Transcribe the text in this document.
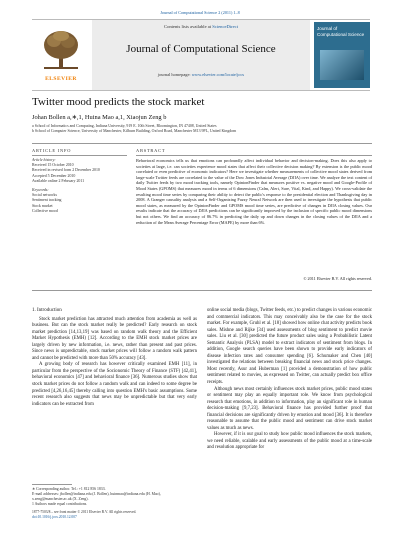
Journal of Computational Science 2 (2011) 1–8
ELSEVIER
Contents lists available at ScienceDirect
Journal of Computational Science
journal homepage: www.elsevier.com/locate/jocs
Journal of Computational Science
Twitter mood predicts the stock market
Johan Bollen a,∗,1, Huina Mao a,1, Xiaojun Zeng b
a School of Informatics and Computing, Indiana University, 919 E. 10th Street, Bloomington, IN 47408, United States
b School of Computer Science, University of Manchester, Kilburn Building, Oxford Road, Manchester M13 9PL, United Kingdom
ARTICLE INFO	ABSTRACT
Article history:
Received 15 October 2010
Received in revised form 2 December 2010
Accepted 5 December 2010
Available online 2 February 2011
Keywords:
Social networks
Sentiment tracking
Stock market
Collective mood
Behavioral economics tells us that emotions can profoundly affect individual behavior and decision-making. Does this also apply to societies at large, i.e. can societies experience mood states that affect their collective decision making? By extension is the public mood correlated or even predictive of economic indicators? Here we investigate whether measurements of collective mood states derived from large-scale Twitter feeds are correlated to the value of the Dow Jones Industrial Average (DJIA) over time. We analyze the text content of daily Twitter feeds by two mood tracking tools, namely OpinionFinder that measures positive vs. negative mood and Google-Profile of Mood States (GPOMS) that measures mood in terms of 6 dimensions (Calm, Alert, Sure, Vital, Kind, and Happy). We cross-validate the resulting mood time series by comparing their ability to detect the public's response to the presidential election and Thanksgiving day in 2008. A Granger causality analysis and a Self-Organizing Fuzzy Neural Network are then used to investigate the hypothesis that public mood states, as measured by the OpinionFinder and GPOMS mood time series, are predictive of changes in DJIA closing values. Our results indicate that the accuracy of DJIA predictions can be significantly improved by the inclusion of specific public mood dimensions but not others. We find an accuracy of 86.7% in predicting the daily up and down changes in the closing values of the DJIA and a reduction of the Mean Average Percentage Error (MAPE) by more than 6%.
© 2011 Elsevier B.V. All rights reserved.
1. Introduction

Stock market prediction has attracted much attention from academia as well as business. But can the stock market really be predicted? Early research on stock market prediction [14,13,19] was based on random walk theory and the Efficient Market Hypothesis (EMH) [12]. According to the EMH stock market prices are largely driven by new information, i.e. news, rather than present and past prices. Since news is unpredictable, stock market prices will follow a random walk pattern and cannot be predicted with more than 50% accuracy [43].

A growing body of research has however critically examined EMH [11], in particular from the perspective of the Socionomic Theory of Finance (STF) [42,41], behavioral economics [47] and behavioral finance [36]. Numerous studies show that stock market prices do not follow a random walk and can indeed to some degree be predicted [4,26,16,45] thereby calling into question EMH's basic assumptions. Some recent research also suggests that news may be unpredictable but that very early indicators can be extracted from

online social media (blogs, Twitter feeds, etc.) to predict changes in various economic and commercial indicators. This may conceivably also be the case for the stock market. For example, Gruhl et al. [18] showed how online chat activity predicts book sales. Mishne and Rijke [34] used assessments of blog sentiment to predict movie sales. Liu et al. [30] predicted the future product sales using a Probabilistic Latent Semantic Analysis (PLSA) model to extract indicators of sentiment from blogs. In addition, Google search queries have been shown to provide early indicators of disease infection rates and consumer spending [6]. Schumaker and Chen [40] investigated the relations between breaking financial news and stock price changes. Most recently, Asur and Huberman [1] provided a demonstration of how public sentiment related to movies, as expressed on Twitter, can actually predict box office receipts.

Although news most certainly influences stock market prices, public mood states or sentiment may play an equally important role. We know from psychological research that emotions, in addition to information, play an significant role in human decision-making [9,7,23]. Behavioral finance has provided further proof that financial decisions are significantly driven by emotion and mood [36]. It is therefore reasonable to assume that the public mood and sentiment can drive stock market values as much as news.

However, if it is our goal to study how public mood influences the stock markets, we need reliable, scalable and early assessments of the public mood at a time-scale and resolution appropriate for

∗ Corresponding author. Tel.: +1 812 856 1833.
E-mail addresses: jbollen@indiana.edu (J. Bollen), huinmao@indiana.edu (H. Mao), x.zeng@manchester.ac.uk (X. Zeng).
1 Authors made equal contributions.
1877-7503/$ – see front matter © 2011 Elsevier B.V. All rights reserved.
doi:10.1016/j.jocs.2010.12.007
